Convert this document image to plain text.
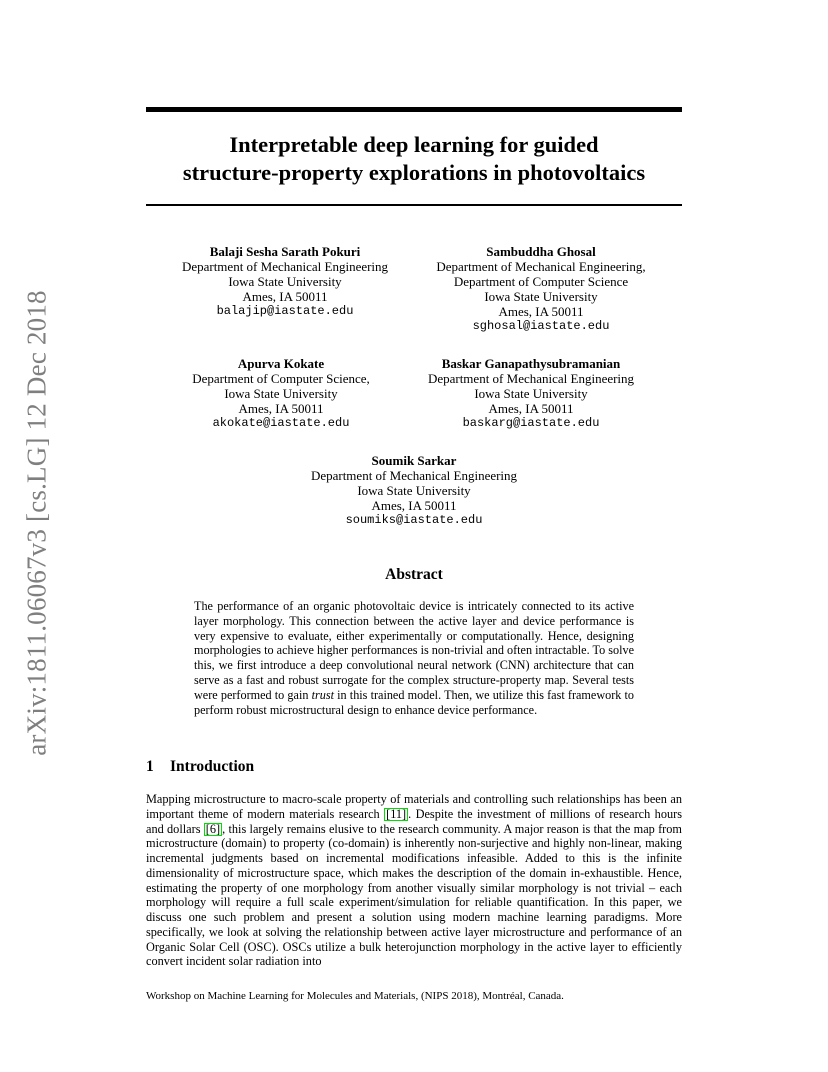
arXiv:1811.06067v3 [cs.LG] 12 Dec 2018
Interpretable deep learning for guided
structure-property explorations in photovoltaics
Balaji Sesha Sarath Pokuri
Department of Mechanical Engineering
Iowa State University
Ames, IA 50011
balajip@iastate.edu
Sambuddha Ghosal
Department of Mechanical Engineering,
Department of Computer Science
Iowa State University
Ames, IA 50011
sghosal@iastate.edu
Apurva Kokate
Department of Computer Science,
Iowa State University
Ames, IA 50011
akokate@iastate.edu
Baskar Ganapathysubramanian
Department of Mechanical Engineering
Iowa State University
Ames, IA 50011
baskarg@iastate.edu
Soumik Sarkar
Department of Mechanical Engineering
Iowa State University
Ames, IA 50011
soumiks@iastate.edu
Abstract
The performance of an organic photovoltaic device is intricately connected to its active layer morphology. This connection between the active layer and device performance is very expensive to evaluate, either experimentally or computationally. Hence, designing morphologies to achieve higher performances is non-trivial and often intractable. To solve this, we first introduce a deep convolutional neural network (CNN) architecture that can serve as a fast and robust surrogate for the complex structure-property map. Several tests were performed to gain trust in this trained model. Then, we utilize this fast framework to perform robust microstructural design to enhance device performance.
1 Introduction
Mapping microstructure to macro-scale property of materials and controlling such relationships has been an important theme of modern materials research [11] . Despite the investment of millions of research hours and dollars [6] , this largely remains elusive to the research community. A major reason is that the map from microstructure (domain) to property (co-domain) is inherently non-surjective and highly non-linear, making incremental judgments based on incremental modifications infeasible. Added to this is the infinite dimensionality of microstructure space, which makes the description of the domain in-exhaustible. Hence, estimating the property of one morphology from another visually similar morphology is not trivial – each morphology will require a full scale experiment/simulation for reliable quantification. In this paper, we discuss one such problem and present a solution using modern machine learning paradigms. More specifically, we look at solving the relationship between active layer microstructure and performance of an Organic Solar Cell (OSC). OSCs utilize a bulk heterojunction morphology in the active layer to efficiently convert incident solar radiation into
Workshop on Machine Learning for Molecules and Materials, (NIPS 2018), Montréal, Canada.
